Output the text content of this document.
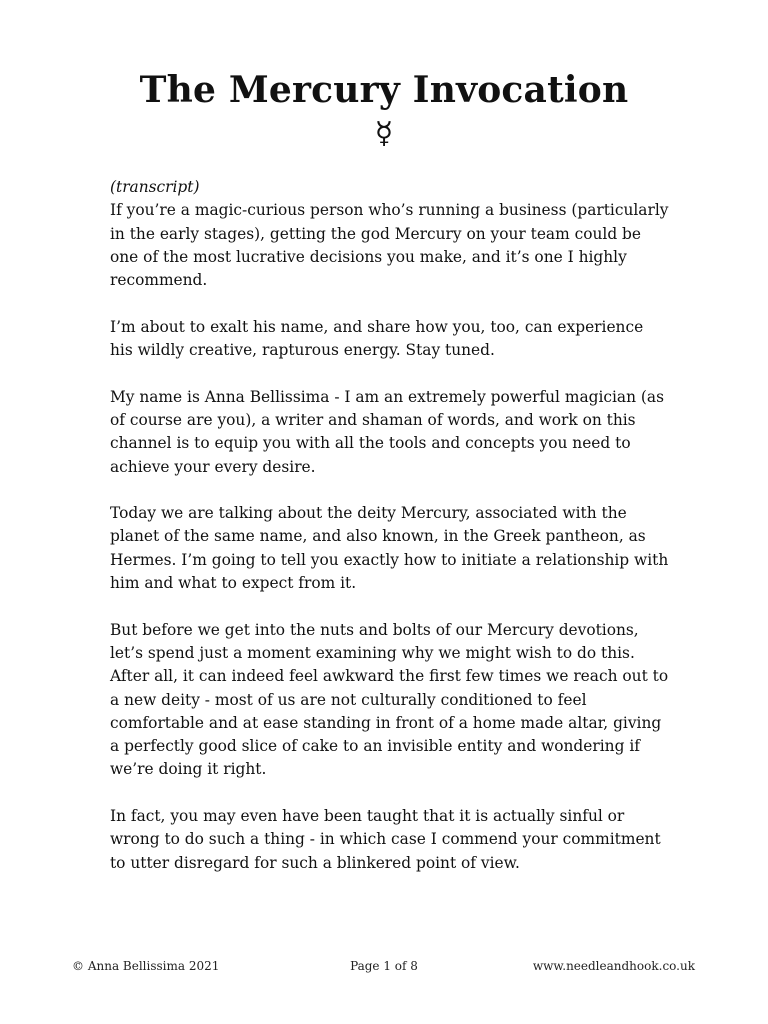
The Mercury Invocation
☿

(transcript)

If you’re a magic-curious person who’s running a business (particularly in the early stages), getting the god Mercury on your team could be one of the most lucrative decisions you make, and it’s one I highly recommend.

I’m about to exalt his name, and share how you, too, can experience his wildly creative, rapturous energy. Stay tuned.

My name is Anna Bellissima - I am an extremely powerful magician (as of course are you), a writer and shaman of words, and work on this channel is to equip you with all the tools and concepts you need to achieve your every desire.

Today we are talking about the deity Mercury, associated with the planet of the same name, and also known, in the Greek pantheon, as Hermes. I’m going to tell you exactly how to initiate a relationship with him and what to expect from it.

But before we get into the nuts and bolts of our Mercury devotions, let’s spend just a moment examining why we might wish to do this. After all, it can indeed feel awkward the first few times we reach out to a new deity - most of us are not culturally conditioned to feel comfortable and at ease standing in front of a home made altar, giving a perfectly good slice of cake to an invisible entity and wondering if we’re doing it right.

In fact, you may even have been taught that it is actually sinful or wrong to do such a thing - in which case I commend your commitment to utter disregard for such a blinkered point of view.

© Anna Bellissima 2021	Page 1 of 8	www.needleandhook.co.uk
